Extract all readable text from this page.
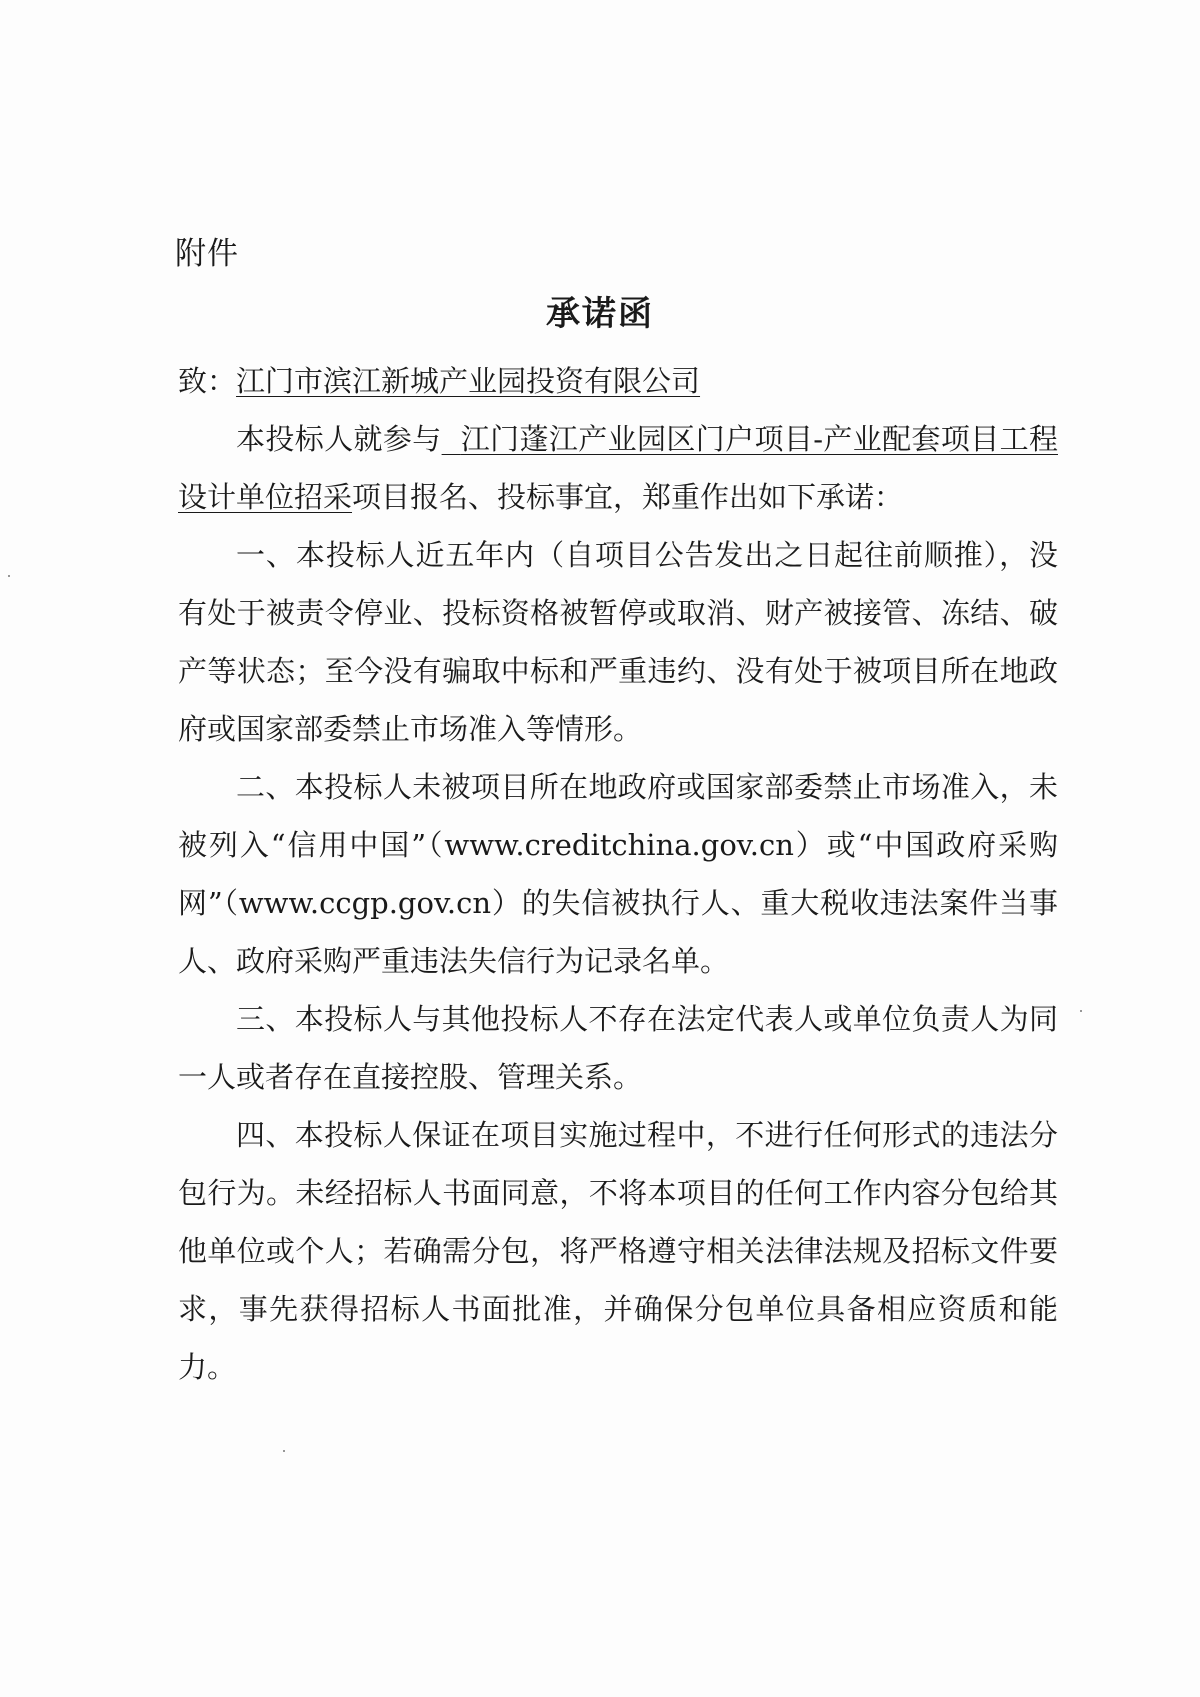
附件
承诺函

致：江门市滨江新城产业园投资有限公司

本投标人就参与 江门蓬江产业园区门户项目-产业配套项目工程设计单位招采项目报名、投标事宜，郑重作出如下承诺：

一、本投标人近五年内（自项目公告发出之日起往前顺推），没有处于被责令停业、投标资格被暂停或取消、财产被接管、冻结、破产等状态；至今没有骗取中标和严重违约、没有处于被项目所在地政府或国家部委禁止市场准入等情形。

二、本投标人未被项目所在地政府或国家部委禁止市场准入，未被列入“信用中国”（www.creditchina.gov.cn）或“中国政府采购网”（www.ccgp.gov.cn）的失信被执行人、重大税收违法案件当事人、政府采购严重违法失信行为记录名单。

三、本投标人与其他投标人不存在法定代表人或单位负责人为同一人或者存在直接控股、管理关系。

四、本投标人保证在项目实施过程中，不进行任何形式的违法分包行为。未经招标人书面同意，不将本项目的任何工作内容分包给其他单位或个人；若确需分包，将严格遵守相关法律法规及招标文件要求，事先获得招标人书面批准，并确保分包单位具备相应资质和能力。
